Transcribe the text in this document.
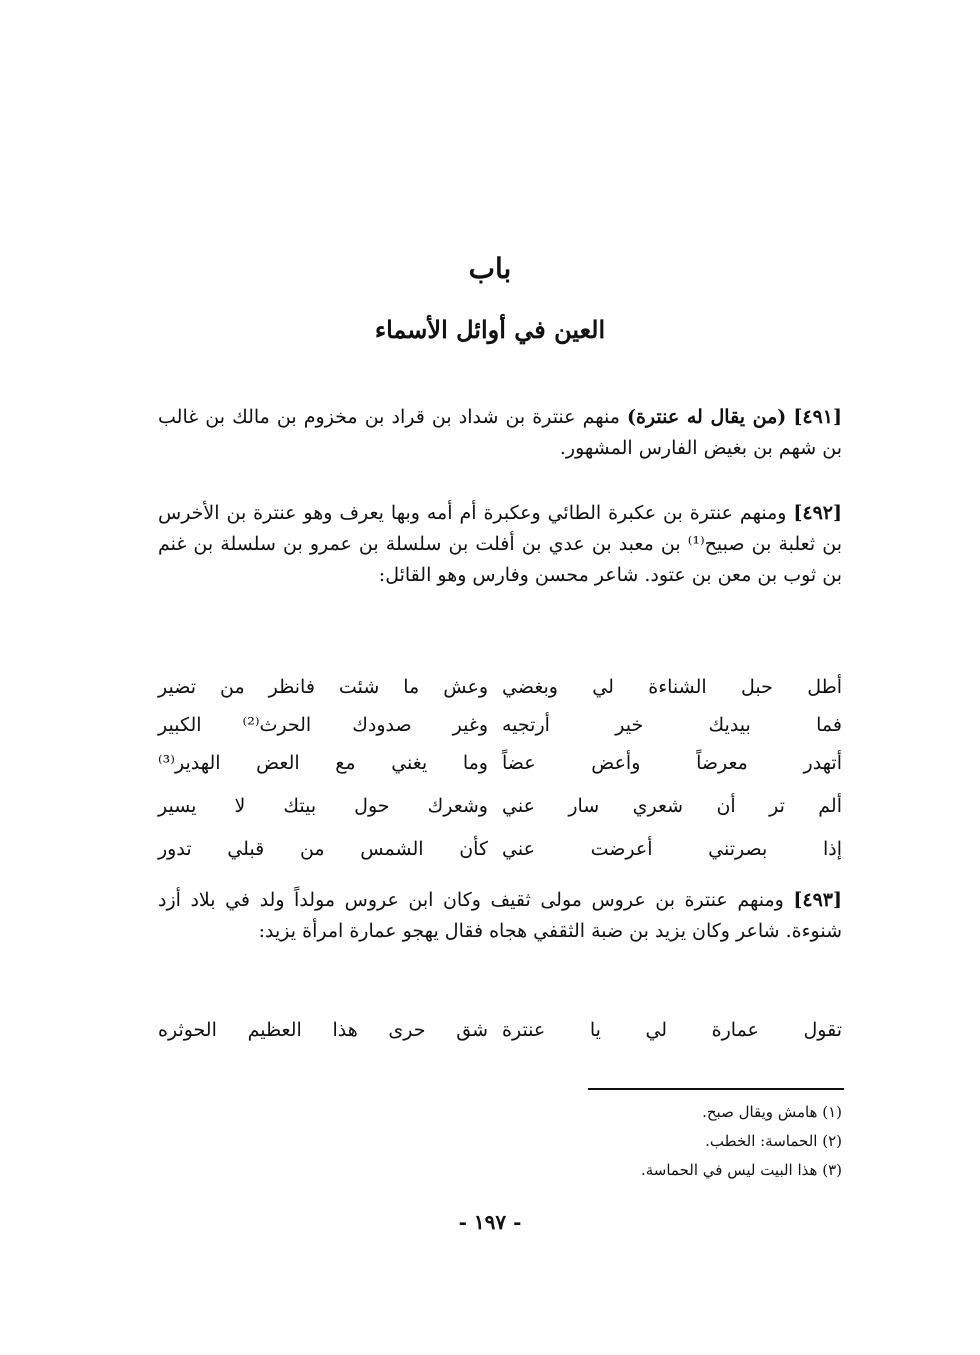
باب
العين في أوائل الأسماء
[٤٩١] (من يقال له عنترة) منهم عنترة بن شداد بن قراد بن مخزوم بن مالك بن غالب بن شهم بن بغيض الفارس المشهور.
[٤٩٢] ومنهم عنترة بن عكبرة الطائي وعكبرة أم أمه وبها يعرف وهو عنترة بن الأخرس بن ثعلبة بن صبيح⁽¹⁾ بن معبد بن عدي بن أفلت بن سلسلة بن عمرو بن سلسلة بن غنم بن ثوب بن معن بن عتود. شاعر محسن وفارس وهو القائل:
أطل حبل الشناءة لي وبغضي
وعش ما شئت فانظر من تضير
فما بيديك خير أرتجيه
وغير صدودك الحرث⁽²⁾ الكبير
أتهدر معرضاً وأعض عضاً
وما يغني مع العض الهدير⁽³⁾
ألم تر أن شعري سار عني
وشعرك حول بيتك لا يسير
إذا بصرتني أعرضت عني
كأن الشمس من قبلي تدور
[٤٩٣] ومنهم عنترة بن عروس مولى ثقيف وكان ابن عروس مولداً ولد في بلاد أزد شنوءة. شاعر وكان يزيد بن ضبة الثقفي هجاه فقال يهجو عمارة امرأة يزيد:
تقول عمارة لي يا عنترة
شق حرى هذا العظيم الحوثره
(١) هامش ويقال صبح.
(٢) الحماسة: الخطب.
(٣) هذا البيت ليس في الحماسة.
- ١٩٧ -
